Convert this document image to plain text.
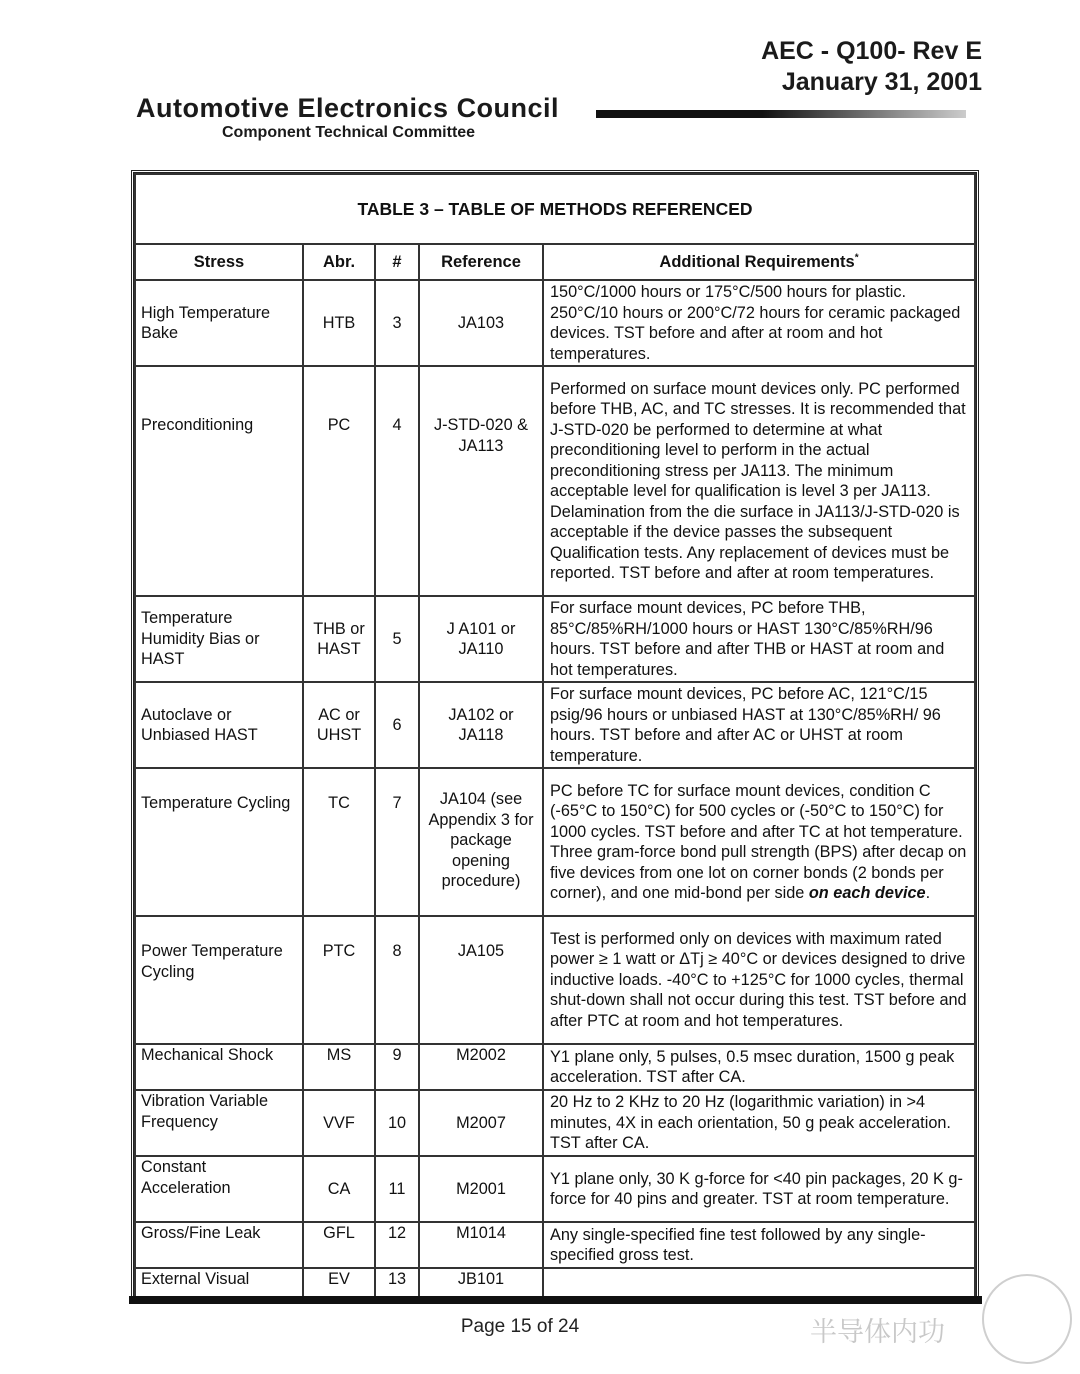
AEC - Q100- Rev E
January 31, 2001
Automotive Electronics Council
Component Technical Committee
TABLE 3 – TABLE OF METHODS REFERENCED				
Stress	Abr.	#	Reference	Additional Requirements*
High Temperature Bake	HTB	3	JA103	150°C/1000 hours or 175°C/500 hours for plastic. 250°C/10 hours or 200°C/72 hours for ceramic packaged devices. TST before and after at room and hot temperatures.
Preconditioning	PC	4	J-STD-020 & JA113	Performed on surface mount devices only. PC performed before THB, AC, and TC stresses. It is recommended that J-STD-020 be performed to determine at what preconditioning level to perform in the actual preconditioning stress per JA113. The minimum acceptable level for qualification is level 3 per JA113. Delamination from the die surface in JA113/J-STD-020 is acceptable if the device passes the subsequent Qualification tests. Any replacement of devices must be reported. TST before and after at room temperatures.
Temperature Humidity Bias or HAST	THB or HAST	5	J A101 or JA110	For surface mount devices, PC before THB, 85°C/85%RH/1000 hours or HAST 130°C/85%RH/96 hours. TST before and after THB or HAST at room and hot temperatures.
Autoclave or Unbiased HAST	AC or UHST	6	JA102 or JA118	For surface mount devices, PC before AC, 121°C/15 psig/96 hours or unbiased HAST at 130°C/85%RH/ 96 hours. TST before and after AC or UHST at room temperature.
Temperature Cycling	TC	7	JA104 (see Appendix 3 for package opening procedure)	PC before TC for surface mount devices, condition C (-65°C to 150°C) for 500 cycles or (-50°C to 150°C) for 1000 cycles. TST before and after TC at hot temperature. Three gram-force bond pull strength (BPS) after decap on five devices from one lot on corner bonds (2 bonds per corner), and one mid-bond per side on each device.
Power Temperature Cycling	PTC	8	JA105	Test is performed only on devices with maximum rated power ≥ 1 watt or ΔTj ≥ 40°C or devices designed to drive inductive loads. -40°C to +125°C for 1000 cycles, thermal shut-down shall not occur during this test. TST before and after PTC at room and hot temperatures.
Mechanical Shock	MS	9	M2002	Y1 plane only, 5 pulses, 0.5 msec duration, 1500 g peak acceleration. TST after CA.
Vibration Variable Frequency	VVF	10	M2007	20 Hz to 2 KHz to 20 Hz (logarithmic variation) in >4 minutes, 4X in each orientation, 50 g peak acceleration. TST after CA.
Constant Acceleration	CA	11	M2001	Y1 plane only, 30 K g-force for <40 pin packages, 20 K g-force for 40 pins and greater. TST at room temperature.
Gross/Fine Leak	GFL	12	M1014	Any single-specified fine test followed by any single-specified gross test.
External Visual	EV	13	JB101	
Page 15 of 24	半导体内功
